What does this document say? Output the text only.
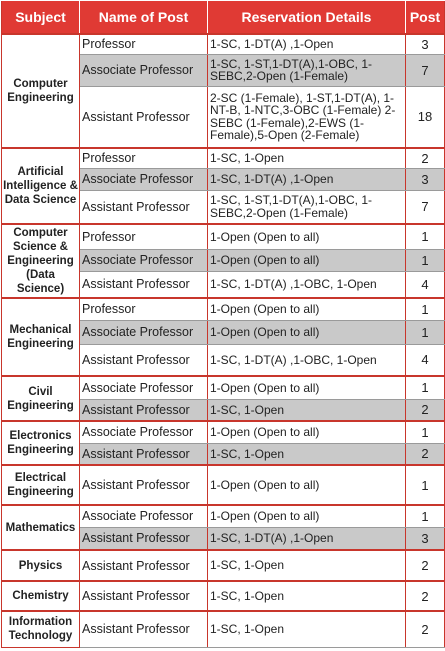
Subject	Name of Post	Reservation Details	Post
Computer Engineering	Professor	1-SC, 1-DT(A) ,1-Open	3
	Associate Professor	1-SC, 1-ST,1-DT(A),1-OBC, 1-SEBC,2-Open (1-Female)	7
	Assistant Professor	2-SC (1-Female), 1-ST,1-DT(A), 1-NT-B, 1-NTC,3-OBC (1-Female) 2-SEBC (1-Female),2-EWS (1-Female),5-Open (2-Female)	18
Artificial Intelligence & Data Science	Professor	1-SC, 1-Open	2
	Associate Professor	1-SC, 1-DT(A) ,1-Open	3
	Assistant Professor	1-SC, 1-ST,1-DT(A),1-OBC, 1-SEBC,2-Open (1-Female)	7
Computer Science & Engineering (Data Science)	Professor	1-Open (Open to all)	1
	Associate Professor	1-Open (Open to all)	1
	Assistant Professor	1-SC, 1-DT(A) ,1-OBC, 1-Open	4
Mechanical Engineering	Professor	1-Open (Open to all)	1
	Associate Professor	1-Open (Open to all)	1
	Assistant Professor	1-SC, 1-DT(A) ,1-OBC, 1-Open	4
Civil Engineering	Associate Professor	1-Open (Open to all)	1
	Assistant Professor	1-SC, 1-Open	2
Electronics Engineering	Associate Professor	1-Open (Open to all)	1
	Assistant Professor	1-SC, 1-Open	2
Electrical Engineering	Assistant Professor	1-Open (Open to all)	1
Mathematics	Associate Professor	1-Open (Open to all)	1
	Assistant Professor	1-SC, 1-DT(A) ,1-Open	3
Physics	Assistant Professor	1-SC, 1-Open	2
Chemistry	Assistant Professor	1-SC, 1-Open	2
Information Technology	Assistant Professor	1-SC, 1-Open	2
